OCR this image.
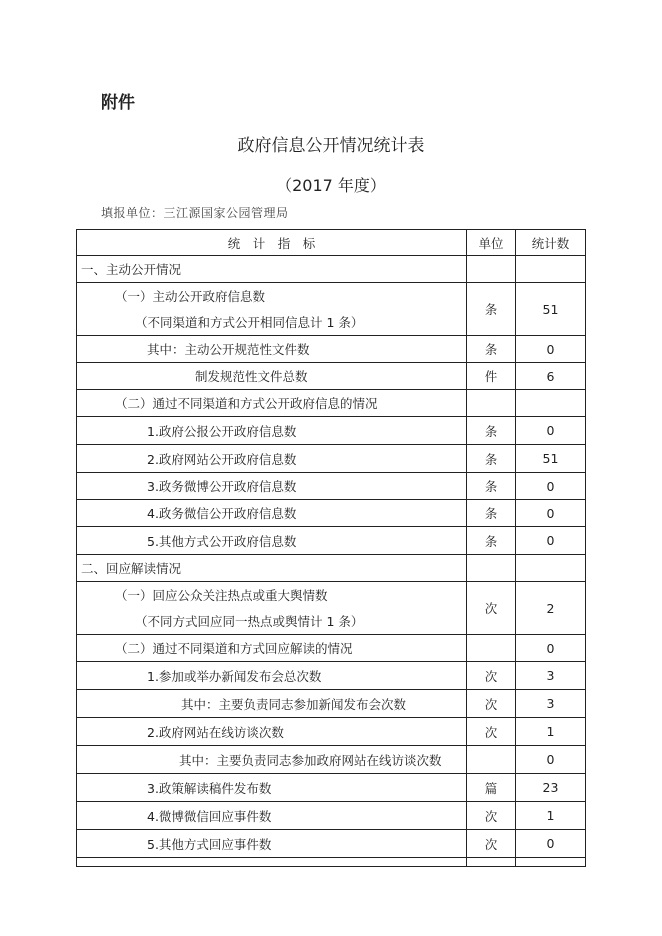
附件
政府信息公开情况统计表
（2017 年度）
填报单位：三江源国家公园管理局
统　计　指　标	单位	统计数
一、主动公开情况		

（一）主动公开政府信息数
（不同渠道和方式公开相同信息计 1 条）	条	51
其中：主动公开规范性文件数	条	0
制发规范性文件总数	件	6
（二）通过不同渠道和方式公开政府信息的情况		
1.政府公报公开政府信息数	条	0
2.政府网站公开政府信息数	条	51
3.政务微博公开政府信息数	条	0
4.政务微信公开政府信息数	条	0
5.其他方式公开政府信息数	条	0
二、回应解读情况		

（一）回应公众关注热点或重大舆情数
（不同方式回应同一热点或舆情计 1 条）	次	2
（二）通过不同渠道和方式回应解读的情况		0
1.参加或举办新闻发布会总次数	次	3
其中：主要负责同志参加新闻发布会次数	次	3
2.政府网站在线访谈次数	次	1
其中：主要负责同志参加政府网站在线访谈次数		0
3.政策解读稿件发布数	篇	23
4.微博微信回应事件数	次	1
5.其他方式回应事件数	次	0
